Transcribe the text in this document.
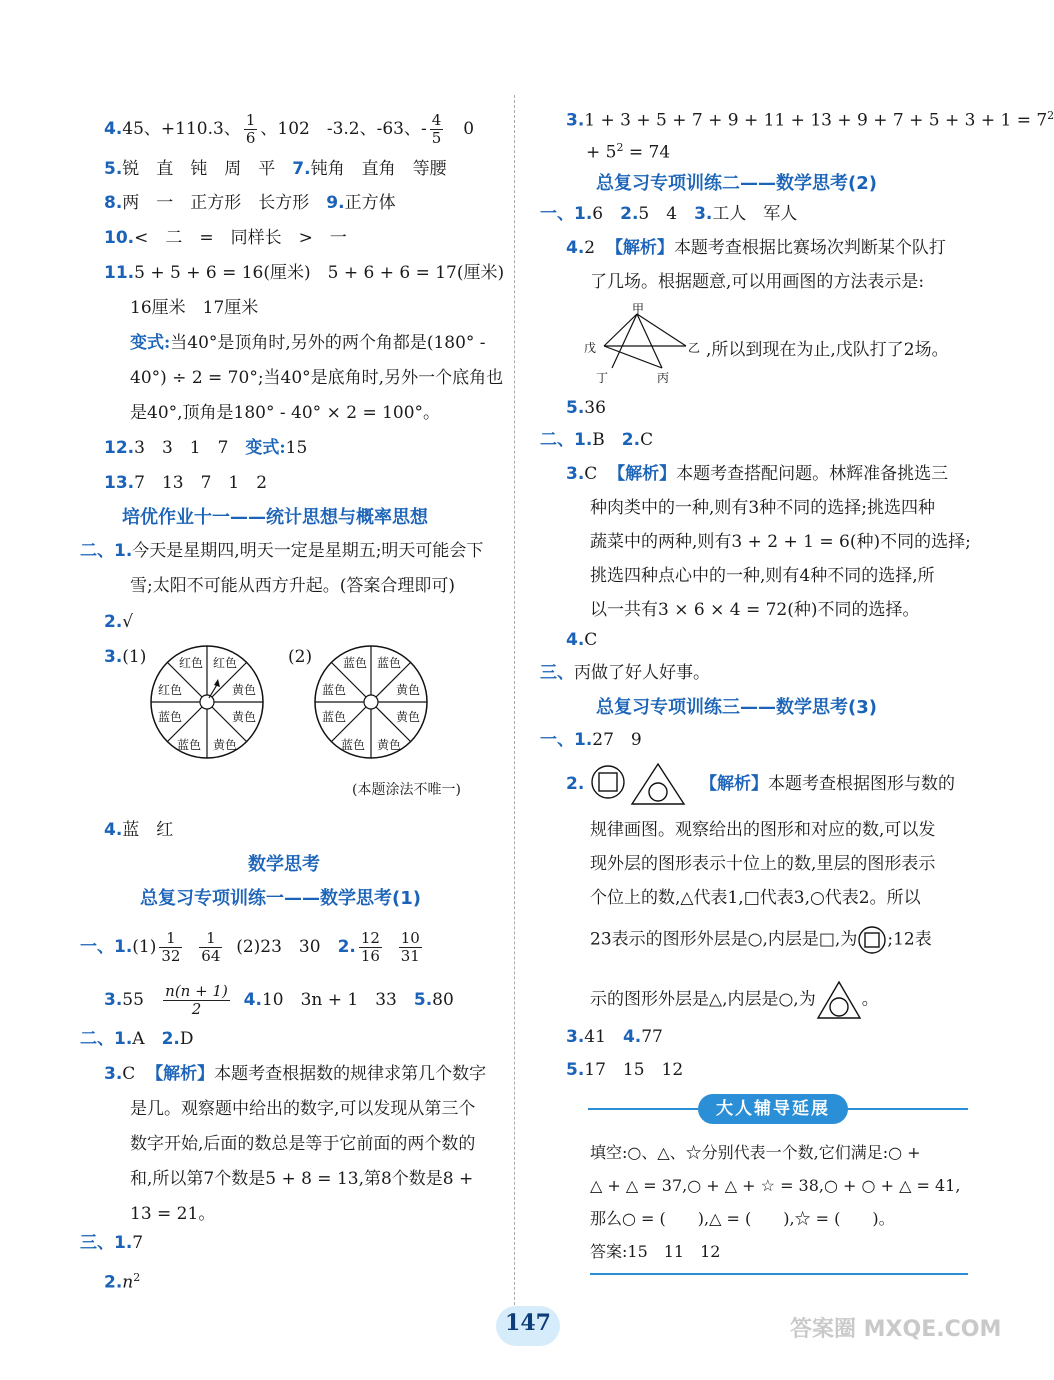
4.45、+110.3、 $\frac{1}{6}$ 、102　-3.2、-63、- $\frac{4}{5}$ 　0
5.锐　直　钝　周　平　7.钝角　直角　等腰
8.两　一　正方形　长方形　9.正方体
10.<　二　=　同样长　>　一
11.5 + 5 + 6 = 16(厘米)　5 + 6 + 6 = 17(厘米)
16厘米　17厘米
变式:当40°是顶角时,另外的两个角都是(180° -
40°) ÷ 2 = 70°;当40°是底角时,另外一个底角也
是40°,顶角是180° - 40° × 2 = 100°。
12.3　3　1　7　变式:15
13.7　13　7　1　2
培优作业十一——统计思想与概率思想
二、1.今天是星期四,明天一定是星期五;明天可能会下
雪;太阳不可能从西方升起。(答案合理即可)
2.√
3.(1)	(2)
红色 红色
黄色
黄色
黄色
蓝色
蓝色
红色
蓝色 蓝色
黄色
黄色
黄色
蓝色
蓝色
蓝色
(本题涂法不唯一)
4.蓝　红
数学思考
总复习专项训练一——数学思考(1)
一、$1.(1) \frac{1}{32}$
$\frac{1}{64} (2)23$　30　2. $\frac{12}{16}$
$\frac{10}{31}$
$3.55 \frac{n(n + 1)}{2} 4.10$　3n + 1　33　5.80
二、1.A　2.D
3.C 【解析】本题考查根据数的规律求第几个数字
是几。观察题中给出的数字,可以发现从第三个
数字开始,后面的数总是等于它前面的两个数的
和,所以第7个数是5 + 8 = 13,第8个数是8 +
13 = 21。
三、1.7
$2.n^2$
$3.1 + 3 + 5 + 7 + 9 + 11 + 13 + 9 + 7 + 5 + 3 + 1 = 7^2$
+ $5^2 = 74$
总复习专项训练二——数学思考(2)
一、1.6　2.5　4　3.工人　军人
4.2 【解析】本题考查根据比赛场次判断某个队打
了几场。根据题意,可以用画图的方法表示是:
甲
乙
丙
丁
戊	,所以到现在为止,戊队打了2场。
5.36
二、1.B　2.C
3.C 【解析】本题考查搭配问题。林辉准备挑选三
种肉类中的一种,则有3种不同的选择;挑选四种
蔬菜中的两种,则有3 + 2 + 1 = 6(种)不同的选择;
挑选四种点心中的一种,则有4种不同的选择,所
以一共有3 × 6 × 4 = 72(种)不同的选择。
4.C
三、丙做了好人好事。
总复习专项训练三——数学思考(3)
一、1.27　9
2.	【解析】本题考查根据图形与数的
规律画图。观察给出的图形和对应的数,可以发
现外层的图形表示十位上的数,里层的图形表示
个位上的数,△代表1,□代表3,○代表2。所以
23表示的图形外层是○,内层是□,为 ;12表
示的图形外层是△,内层是○,为	。
3.41　4.77
5.17　15　12
大人辅导延展
填空:○、△、☆分别代表一个数,它们满足:○ +
△ + △ = 37,○ + △ + ☆ = 38,○ + ○ + △ = 41,
那么○ = (　　),△ = (　　),☆ = (　　)。
答案:15　11　12
147	答案圈 MXQE.COM
